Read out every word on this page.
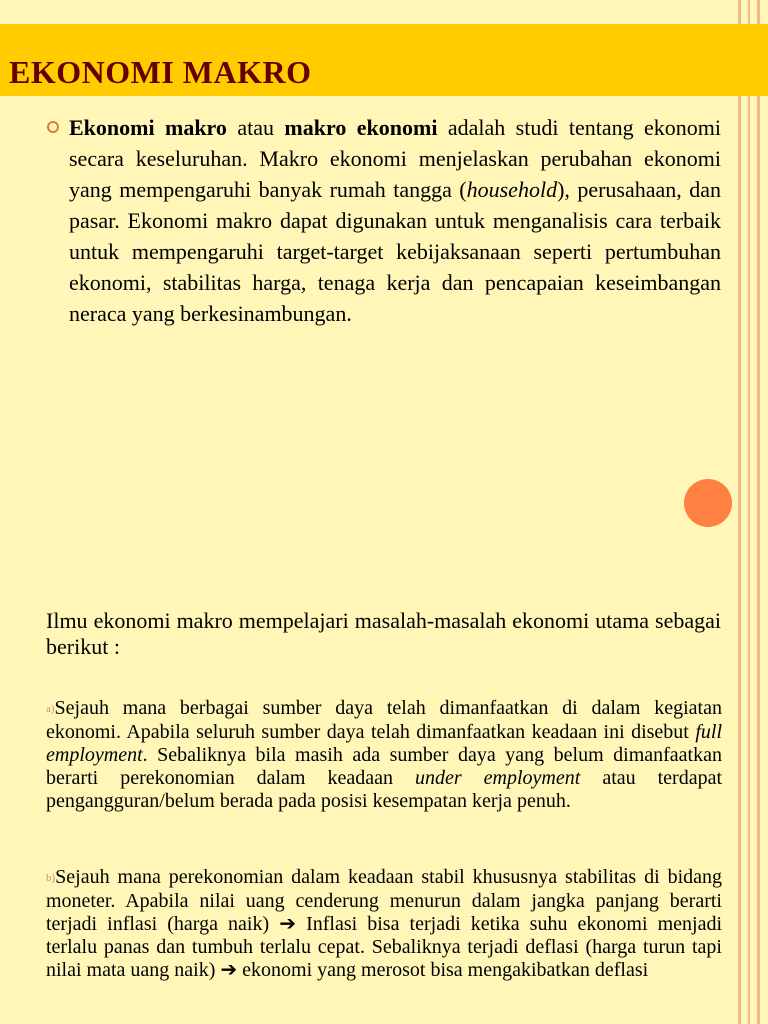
EKONOMI MAKRO
Ekonomi makro atau makro ekonomi adalah studi tentang ekonomi secara keseluruhan. Makro ekonomi menjelaskan perubahan ekonomi yang mempengaruhi banyak rumah tangga (household), perusahaan, dan pasar. Ekonomi makro dapat digunakan untuk menganalisis cara terbaik untuk mempengaruhi target-target kebijaksanaan seperti pertumbuhan ekonomi, stabilitas harga, tenaga kerja dan pencapaian keseimbangan neraca yang berkesinambungan.
Ilmu ekonomi makro mempelajari masalah-masalah ekonomi utama sebagai berikut :
a)Sejauh mana berbagai sumber daya telah dimanfaatkan di dalam kegiatan ekonomi. Apabila seluruh sumber daya telah dimanfaatkan keadaan ini disebut full employment. Sebaliknya bila masih ada sumber daya yang belum dimanfaatkan berarti perekonomian dalam keadaan under employment atau terdapat pengangguran/belum berada pada posisi kesempatan kerja penuh.
b)Sejauh mana perekonomian dalam keadaan stabil khususnya stabilitas di bidang moneter. Apabila nilai uang cenderung menurun dalam jangka panjang berarti terjadi inflasi (harga naik) ➔ Inflasi bisa terjadi ketika suhu ekonomi menjadi terlalu panas dan tumbuh terlalu cepat. Sebaliknya terjadi deflasi (harga turun tapi nilai mata uang naik) ➔ ekonomi yang merosot bisa mengakibatkan deflasi
